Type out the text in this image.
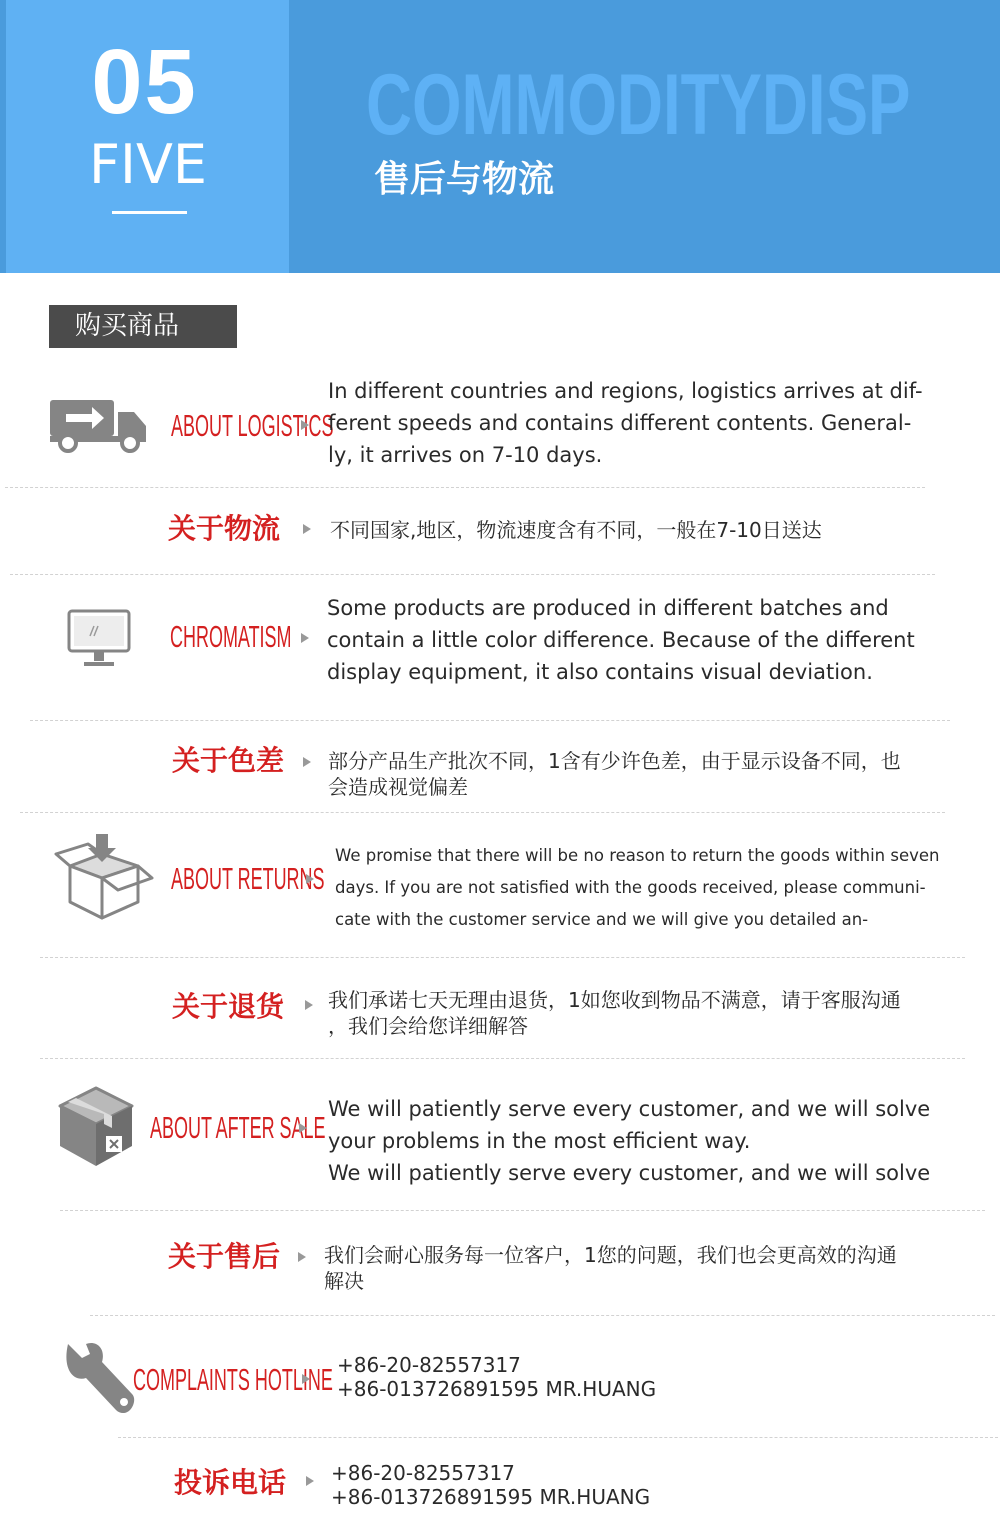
05
FIVE
COMMODITYDISP
售后与物流
购买商品
ABOUT LOGISTICS

In different countries and regions, logistics arrives at dif-
ferent speeds and contains different contents. General-
ly, it arrives on 7-10 days.

关于物流 不同国家,地区，物流速度含有不同，一般在7-10日送达

CHROMATISM

Some products are produced in different batches and
contain a little color difference. Because of the different
display equipment, it also contains visual deviation.

关于色差 部分产品生产批次不同，1含有少许色差，由于显示设备不同，也
会造成视觉偏差

ABOUT RETURNS

We promise that there will be no reason to return the goods within seven
days. If you are not satisfied with the goods received, please communi-
cate with the customer service and we will give you detailed an-

关于退货 我们承诺七天无理由退货，1如您收到物品不满意，请于客服沟通
，我们会给您详细解答

ABOUT AFTER SALE

We will patiently serve every customer, and we will solve
your problems in the most efficient way.
We will patiently serve every customer, and we will solve

关于售后 我们会耐心服务每一位客户，1您的问题，我们也会更高效的沟通
解决

COMPLAINTS HOTLINE +86-20-82557317
+86-013726891595 MR.HUANG

投诉电话 +86-20-82557317
+86-013726891595 MR.HUANG
